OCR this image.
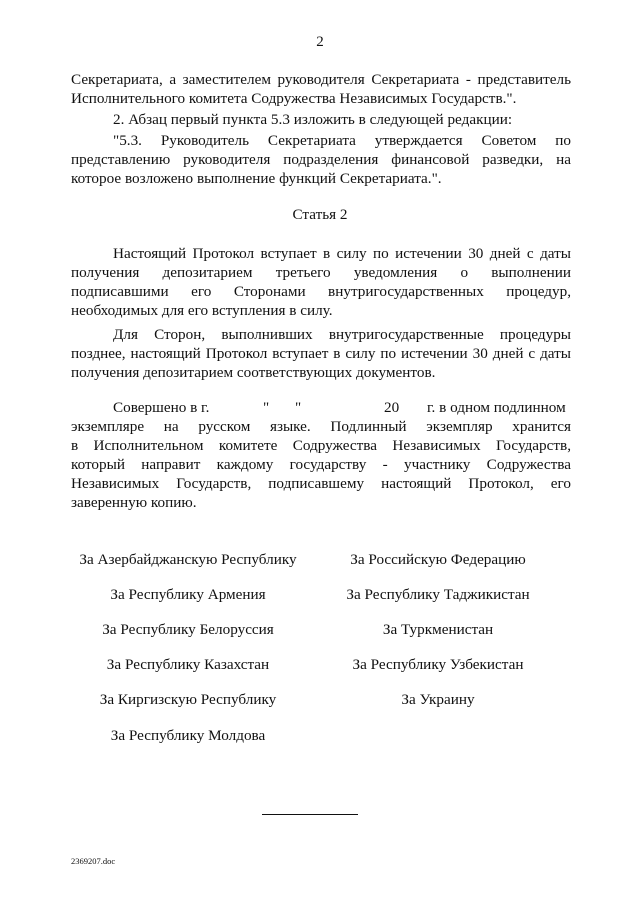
2
Секретариата, а заместителем руководителя Секретариата - представитель
Исполнительного комитета Содружества Независимых Государств.".
2. Абзац первый пункта 5.3 изложить в следующей редакции:
"5.3. Руководитель Секретариата утверждается Советом по
представлению руководителя подразделения финансовой разведки, на
которое возложено выполнение функций Секретариата.".
Статья 2
Настоящий Протокол вступает в силу по истечении 30 дней с даты
получения депозитарием третьего уведомления о выполнении
подписавшими его Сторонами внутригосударственных процедур,
необходимых для его вступления в силу.
Для Сторон, выполнивших внутригосударственные процедуры
позднее, настоящий Протокол вступает в силу по истечении 30 дней с даты
получения депозитарием соответствующих документов.
Совершено в г.	" "	20 г. в одном подлинном
экземпляре на русском языке. Подлинный экземпляр хранится
в Исполнительном комитете Содружества Независимых Государств,
который направит каждому государству - участнику Содружества
Независимых Государств, подписавшему настоящий Протокол, его
заверенную копию.
За Азербайджанскую Республику
За Республику Армения
За Республику Белоруссия
За Республику Казахстан
За Киргизскую Республику
За Республику Молдова
За Российскую Федерацию
За Республику Таджикистан
За Туркменистан
За Республику Узбекистан
За Украину
2369207.doc
